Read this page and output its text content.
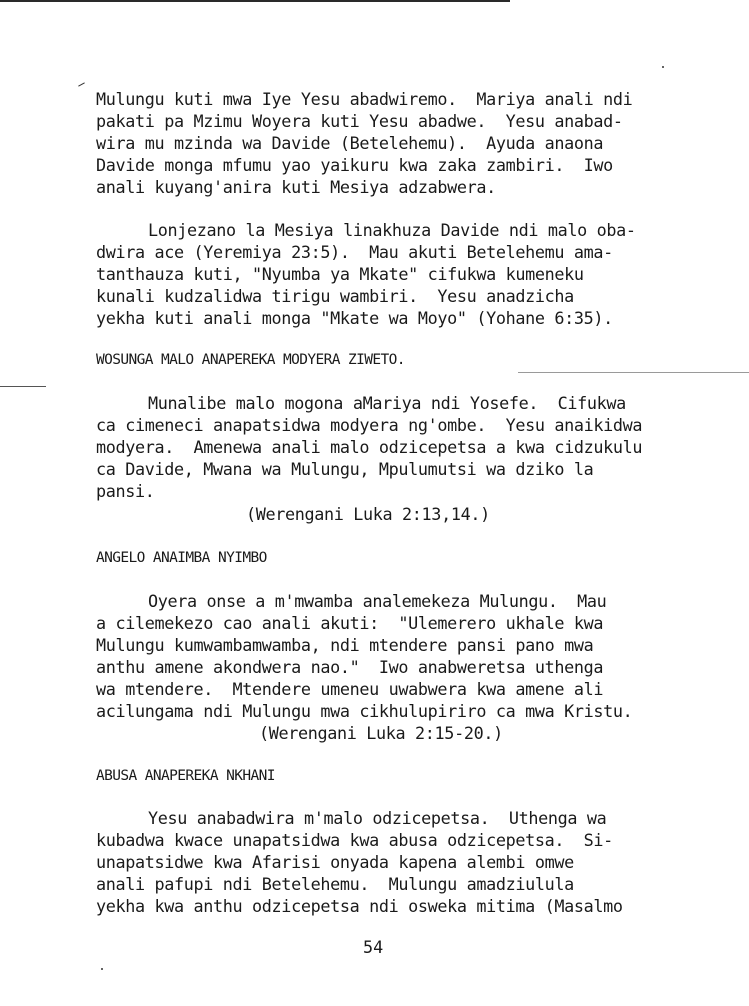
Mulungu kuti mwa Iye Yesu abadwiremo.  Mariya anali ndi
pakati pa Mzimu Woyera kuti Yesu abadwe.  Yesu anabad-
wira mu mzinda wa Davide (Betelehemu).  Ayuda anaona
Davide monga mfumu yao yaikuru kwa zaka zambiri.  Iwo
anali kuyang'anira kuti Mesiya adzabwera.
Lonjezano la Mesiya linakhuza Davide ndi malo oba-
dwira ace (Yeremiya 23:5).  Mau akuti Betelehemu ama-
tanthauza kuti, "Nyumba ya Mkate" cifukwa kumeneku
kunali kudzalidwa tirigu wambiri.  Yesu anadzicha
yekha kuti anali monga "Mkate wa Moyo" (Yohane 6:35).
WOSUNGA MALO ANAPEREKA MODYERA ZIWETO.
Munalibe malo mogona aMariya ndi Yosefe.  Cifukwa
ca cimeneci anapatsidwa modyera ng'ombe.  Yesu anaikidwa
modyera.  Amenewa anali malo odzicepetsa a kwa cidzukulu
ca Davide, Mwana wa Mulungu, Mpulumutsi wa dziko la
pansi.
(Werengani Luka 2:13,14.)
ANGELO ANAIMBA NYIMBO
Oyera onse a m'mwamba analemekeza Mulungu.  Mau
a cilemekezo cao anali akuti:  "Ulemerero ukhale kwa
Mulungu kumwambamwamba, ndi mtendere pansi pano mwa
anthu amene akondwera nao."  Iwo anabweretsa uthenga
wa mtendere.  Mtendere umeneu uwabwera kwa amene ali
acilungama ndi Mulungu mwa cikhulupiriro ca mwa Kristu.
(Werengani Luka 2:15-20.)
ABUSA ANAPEREKA NKHANI
Yesu anabadwira m'malo odzicepetsa.  Uthenga wa
kubadwa kwace unapatsidwa kwa abusa odzicepetsa.  Si-
unapatsidwe kwa Afarisi onyada kapena alembi omwe
anali pafupi ndi Betelehemu.  Mulungu amadziulula
yekha kwa anthu odzicepetsa ndi osweka mitima (Masalmo
54
